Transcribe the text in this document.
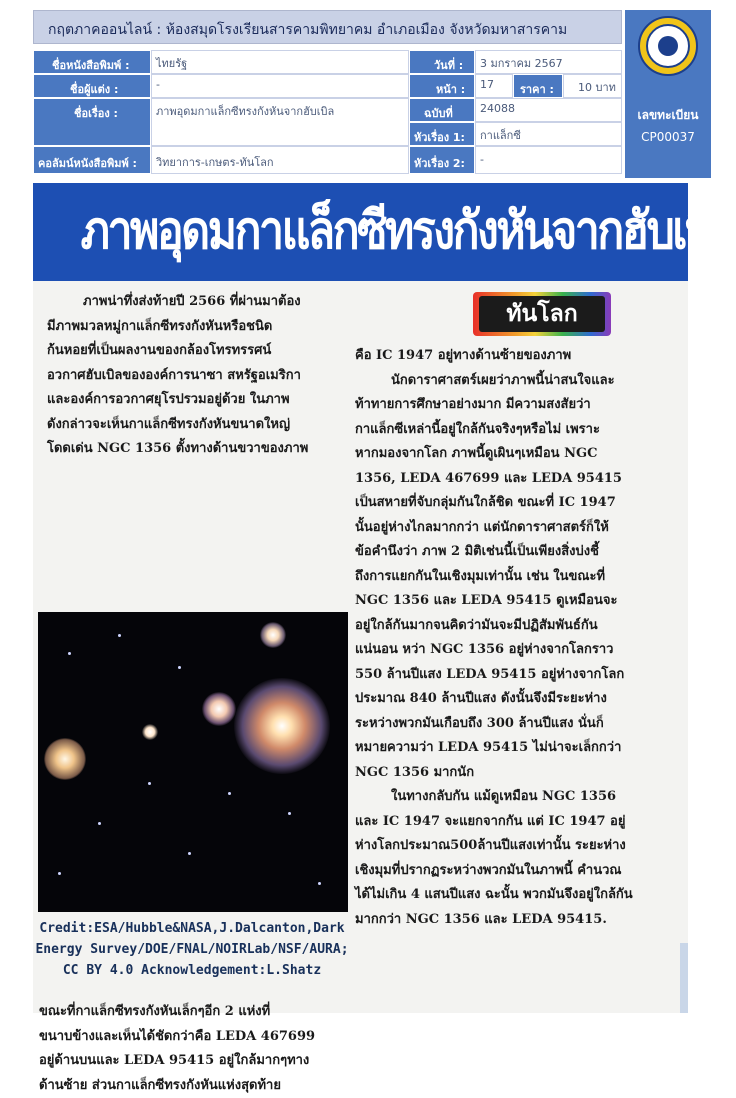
กฤตภาคออนไลน์ : ห้องสมุดโรงเรียนสารคามพิทยาคม อำเภอเมือง จังหวัดมหาสารคาม
ชื่อหนังสือพิมพ์ :	ไทยรัฐ	วันที่ :	3 มกราคม 2567
ชื่อผู้แต่ง :	-	หน้า :	17	ราคา :	10 บาท
ชื่อเรื่อง :	ภาพอุดมกาแล็กซีทรงกังหันจากฮับเบิล	ฉบับที่	24088
หัวเรื่อง 1:	กาแล็กซี
คอลัมน์หนังสือพิมพ์ :	วิทยาการ-เกษตร-ทันโลก	หัวเรื่อง 2:	-
เลขทะเบียน
CP00037
ภาพอุดมกาแล็กซีทรงกังหันจากฮับเบิล
ภาพน่าทึ่งส่งท้ายปี 2566 ที่ผ่านมาต้อง
มีภาพมวลหมู่กาแล็กซีทรงกังหันหรือชนิด
ก้นหอยที่เป็นผลงานของกล้องโทรทรรศน์
อวกาศฮับเบิลขององค์การนาซา สหรัฐอเมริกา
และองค์การอวกาศยุโรปรวมอยู่ด้วย ในภาพ
ดังกล่าวจะเห็นกาแล็กซีทรงกังหันขนาดใหญ่
โดดเด่น NGC 1356 ตั้งทางด้านขวาของภาพ
Credit:ESA/Hubble&NASA,J.Dalcanton,Dark
Energy Survey/DOE/FNAL/NOIRLab/NSF/AURA;
CC BY 4.0 Acknowledgement:L.Shatz
ขณะที่กาแล็กซีทรงกังหันเล็กๆอีก 2 แห่งที่
ขนาบข้างและเห็นได้ชัดกว่าคือ LEDA 467699
อยู่ด้านบนและ LEDA 95415 อยู่ใกล้มากๆทาง
ด้านซ้าย ส่วนกาแล็กซีทรงกังหันแห่งสุดท้าย
ทันโลก
คือ IC 1947 อยู่ทางด้านซ้ายของภาพ
นักดาราศาสตร์เผยว่าภาพนี้น่าสนใจและ
ท้าทายการศึกษาอย่างมาก มีความสงสัยว่า
กาแล็กซีเหล่านี้อยู่ใกล้กันจริงๆหรือไม่ เพราะ
หากมองจากโลก ภาพนี้ดูเผินๆเหมือน NGC
1356, LEDA 467699 และ LEDA 95415
เป็นสหายที่จับกลุ่มกันใกล้ชิด ขณะที่ IC 1947
นั้นอยู่ห่างไกลมากกว่า แต่นักดาราศาสตร์ก็ให้
ข้อคำนึงว่า ภาพ 2 มิติเช่นนี้เป็นเพียงสิ่งบ่งชี้
ถึงการแยกกันในเชิงมุมเท่านั้น เช่น ในขณะที่
NGC 1356 และ LEDA 95415 ดูเหมือนจะ
อยู่ใกล้กันมากจนคิดว่ามันจะมีปฏิสัมพันธ์กัน
แน่นอน หว่า NGC 1356 อยู่ห่างจากโลกราว
550 ล้านปีแสง LEDA 95415 อยู่ห่างจากโลก
ประมาณ 840 ล้านปีแสง ดังนั้นจึงมีระยะห่าง
ระหว่างพวกมันเกือบถึง 300 ล้านปีแสง นั่นก็
หมายความว่า LEDA 95415 ไม่น่าจะเล็กกว่า
NGC 1356 มากนัก
ในทางกลับกัน แม้ดูเหมือน NGC 1356
และ IC 1947 จะแยกจากกัน แต่ IC 1947 อยู่
ห่างโลกประมาณ500ล้านปีแสงเท่านั้น ระยะห่าง
เชิงมุมที่ปรากฏระหว่างพวกมันในภาพนี้ คำนวณ
ได้ไม่เกิน 4 แสนปีแสง ฉะนั้น พวกมันจึงอยู่ใกล้กัน
มากกว่า NGC 1356 และ LEDA 95415.
